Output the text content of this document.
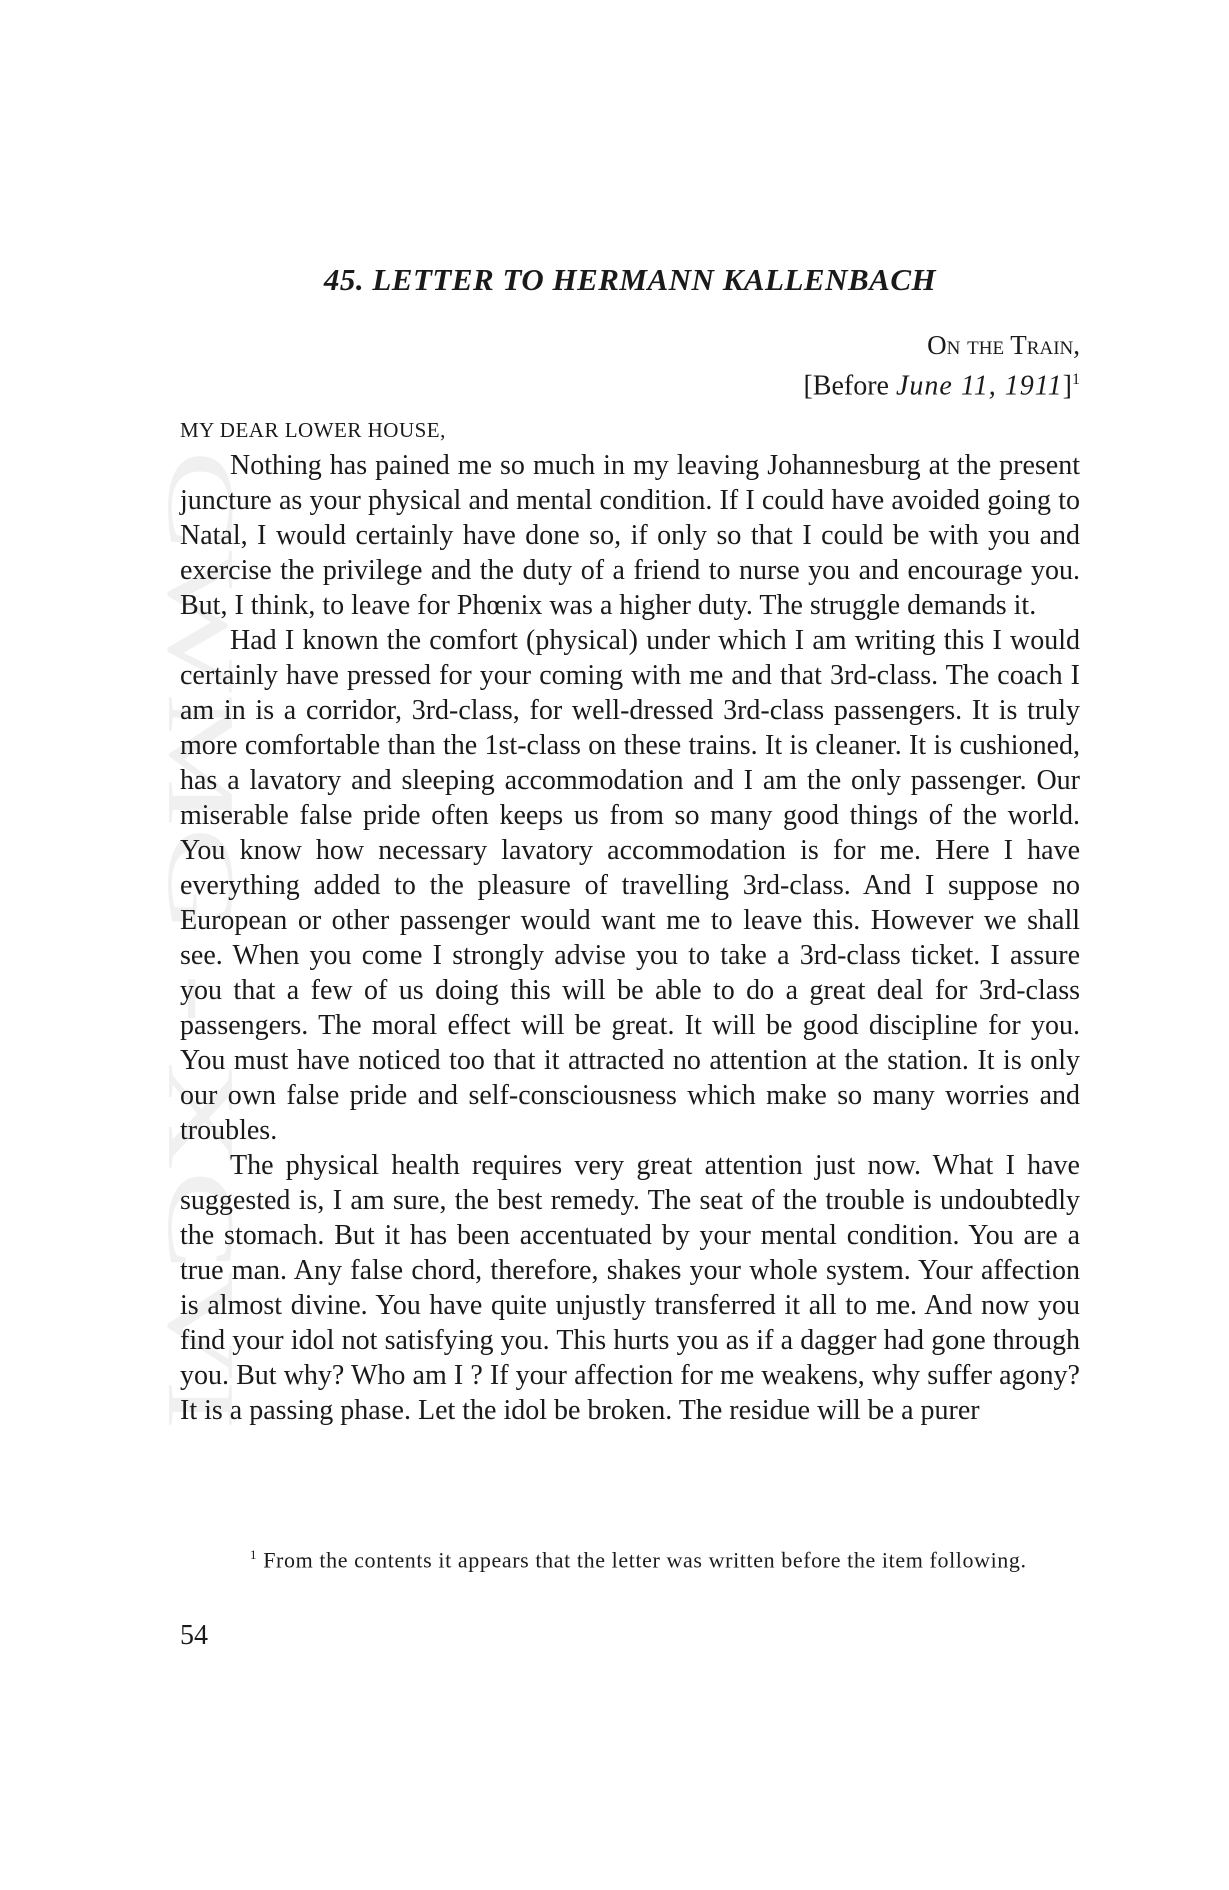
CWMG - XCVI
45. LETTER TO HERMANN KALLENBACH

On the Train,

[Before June 11, 1911]$^1$

MY DEAR LOWER HOUSE,

Nothing has pained me so much in my leaving Johannesburg at the present juncture as your physical and mental condition. If I could have avoided going to Natal, I would certainly have done so, if only so that I could be with you and exercise the privilege and the duty of a friend to nurse you and encourage you. But, I think, to leave for Phœnix was a higher duty. The struggle demands it.

Had I known the comfort (physical) under which I am writing this I would certainly have pressed for your coming with me and that 3rd-class. The coach I am in is a corridor, 3rd-class, for well-dressed 3rd-class passengers. It is truly more comfortable than the 1st-class on these trains. It is cleaner. It is cushioned, has a lavatory and sleeping accommodation and I am the only passenger. Our miserable false pride often keeps us from so many good things of the world. You know how necessary lavatory accommodation is for me. Here I have everything added to the pleasure of travelling 3rd-class. And I suppose no European or other passenger would want me to leave this. However we shall see. When you come I strongly advise you to take a 3rd-class ticket. I assure you that a few of us doing this will be able to do a great deal for 3rd-class passengers. The moral effect will be great. It will be good discipline for you. You must have noticed too that it attracted no attention at the station. It is only our own false pride and self-consciousness which make so many worries and troubles.

The physical health requires very great attention just now. What I have suggested is, I am sure, the best remedy. The seat of the trouble is undoubtedly the stomach. But it has been accentuated by your mental condition. You are a true man. Any false chord, therefore, shakes your whole system. Your affection is almost divine. You have quite unjustly transferred it all to me. And now you find your idol not satisfying you. This hurts you as if a dagger had gone through you. But why? Who am I ? If your affection for me weakens, why suffer agony? It is a passing phase. Let the idol be broken. The residue will be a purer

$^1$ From the contents it appears that the letter was written before the item following.

54
